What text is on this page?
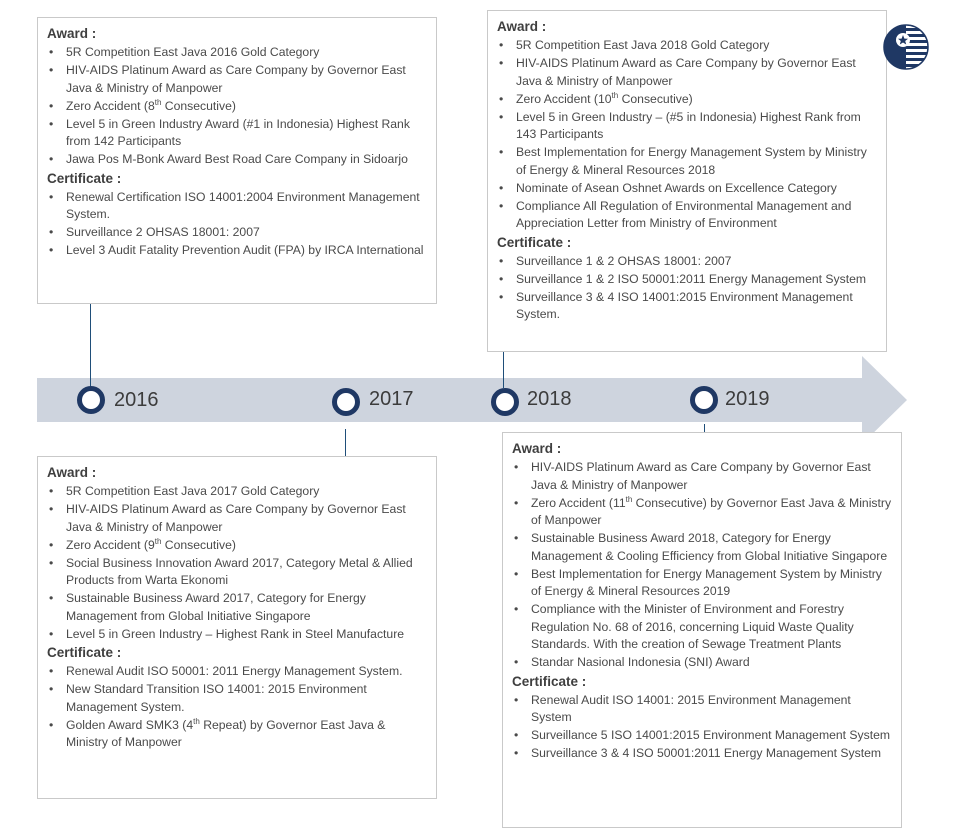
2016	2017	2018	2019
Award :
• 5R Competition East Java 2016 Gold Category
• HIV-AIDS Platinum Award as Care Company by Governor East Java & Ministry of Manpower
• Zero Accident (8th Consecutive)
• Level 5 in Green Industry Award (#1 in Indonesia) Highest Rank from 142 Participants
• Jawa Pos M-Bonk Award Best Road Care Company in Sidoarjo
Certificate :
• Renewal Certification ISO 14001:2004 Environment Management System.
• Surveillance 2 OHSAS 18001: 2007
• Level 3 Audit Fatality Prevention Audit (FPA) by IRCA International
Award :
• 5R Competition East Java 2018 Gold Category
• HIV-AIDS Platinum Award as Care Company by Governor East Java & Ministry of Manpower
• Zero Accident (10th Consecutive)
• Level 5 in Green Industry – (#5 in Indonesia) Highest Rank from 143 Participants
• Best Implementation for Energy Management System by Ministry of Energy & Mineral Resources 2018
• Nominate of Asean Oshnet Awards on Excellence Category
• Compliance All Regulation of Environmental Management and Appreciation Letter from Ministry of Environment
Certificate :
• Surveillance 1 & 2 OHSAS 18001: 2007
• Surveillance 1 & 2 ISO 50001:2011 Energy Management System
• Surveillance 3 & 4 ISO 14001:2015 Environment Management System.
Award :
• 5R Competition East Java 2017 Gold Category
• HIV-AIDS Platinum Award as Care Company by Governor East Java & Ministry of Manpower
• Zero Accident (9th Consecutive)
• Social Business Innovation Award 2017, Category Metal & Allied Products from Warta Ekonomi
• Sustainable Business Award 2017, Category for Energy Management from Global Initiative Singapore
• Level 5 in Green Industry – Highest Rank in Steel Manufacture
Certificate :
• Renewal Audit ISO 50001: 2011 Energy Management System.
• New Standard Transition ISO 14001: 2015 Environment Management System.
• Golden Award SMK3 (4th Repeat) by Governor East Java & Ministry of Manpower
Award :
• HIV-AIDS Platinum Award as Care Company by Governor East Java & Ministry of Manpower
• Zero Accident (11th Consecutive) by Governor East Java & Ministry of Manpower
• Sustainable Business Award 2018, Category for Energy Management & Cooling Efficiency from Global Initiative Singapore
• Best Implementation for Energy Management System by Ministry of Energy & Mineral Resources 2019
• Compliance with the Minister of Environment and Forestry Regulation No. 68 of 2016, concerning Liquid Waste Quality Standards. With the creation of Sewage Treatment Plants
• Standar Nasional Indonesia (SNI) Award
Certificate :
• Renewal Audit ISO 14001: 2015 Environment Management System
• Surveillance 5 ISO 14001:2015 Environment Management System
• Surveillance 3 & 4 ISO 50001:2011 Energy Management System
